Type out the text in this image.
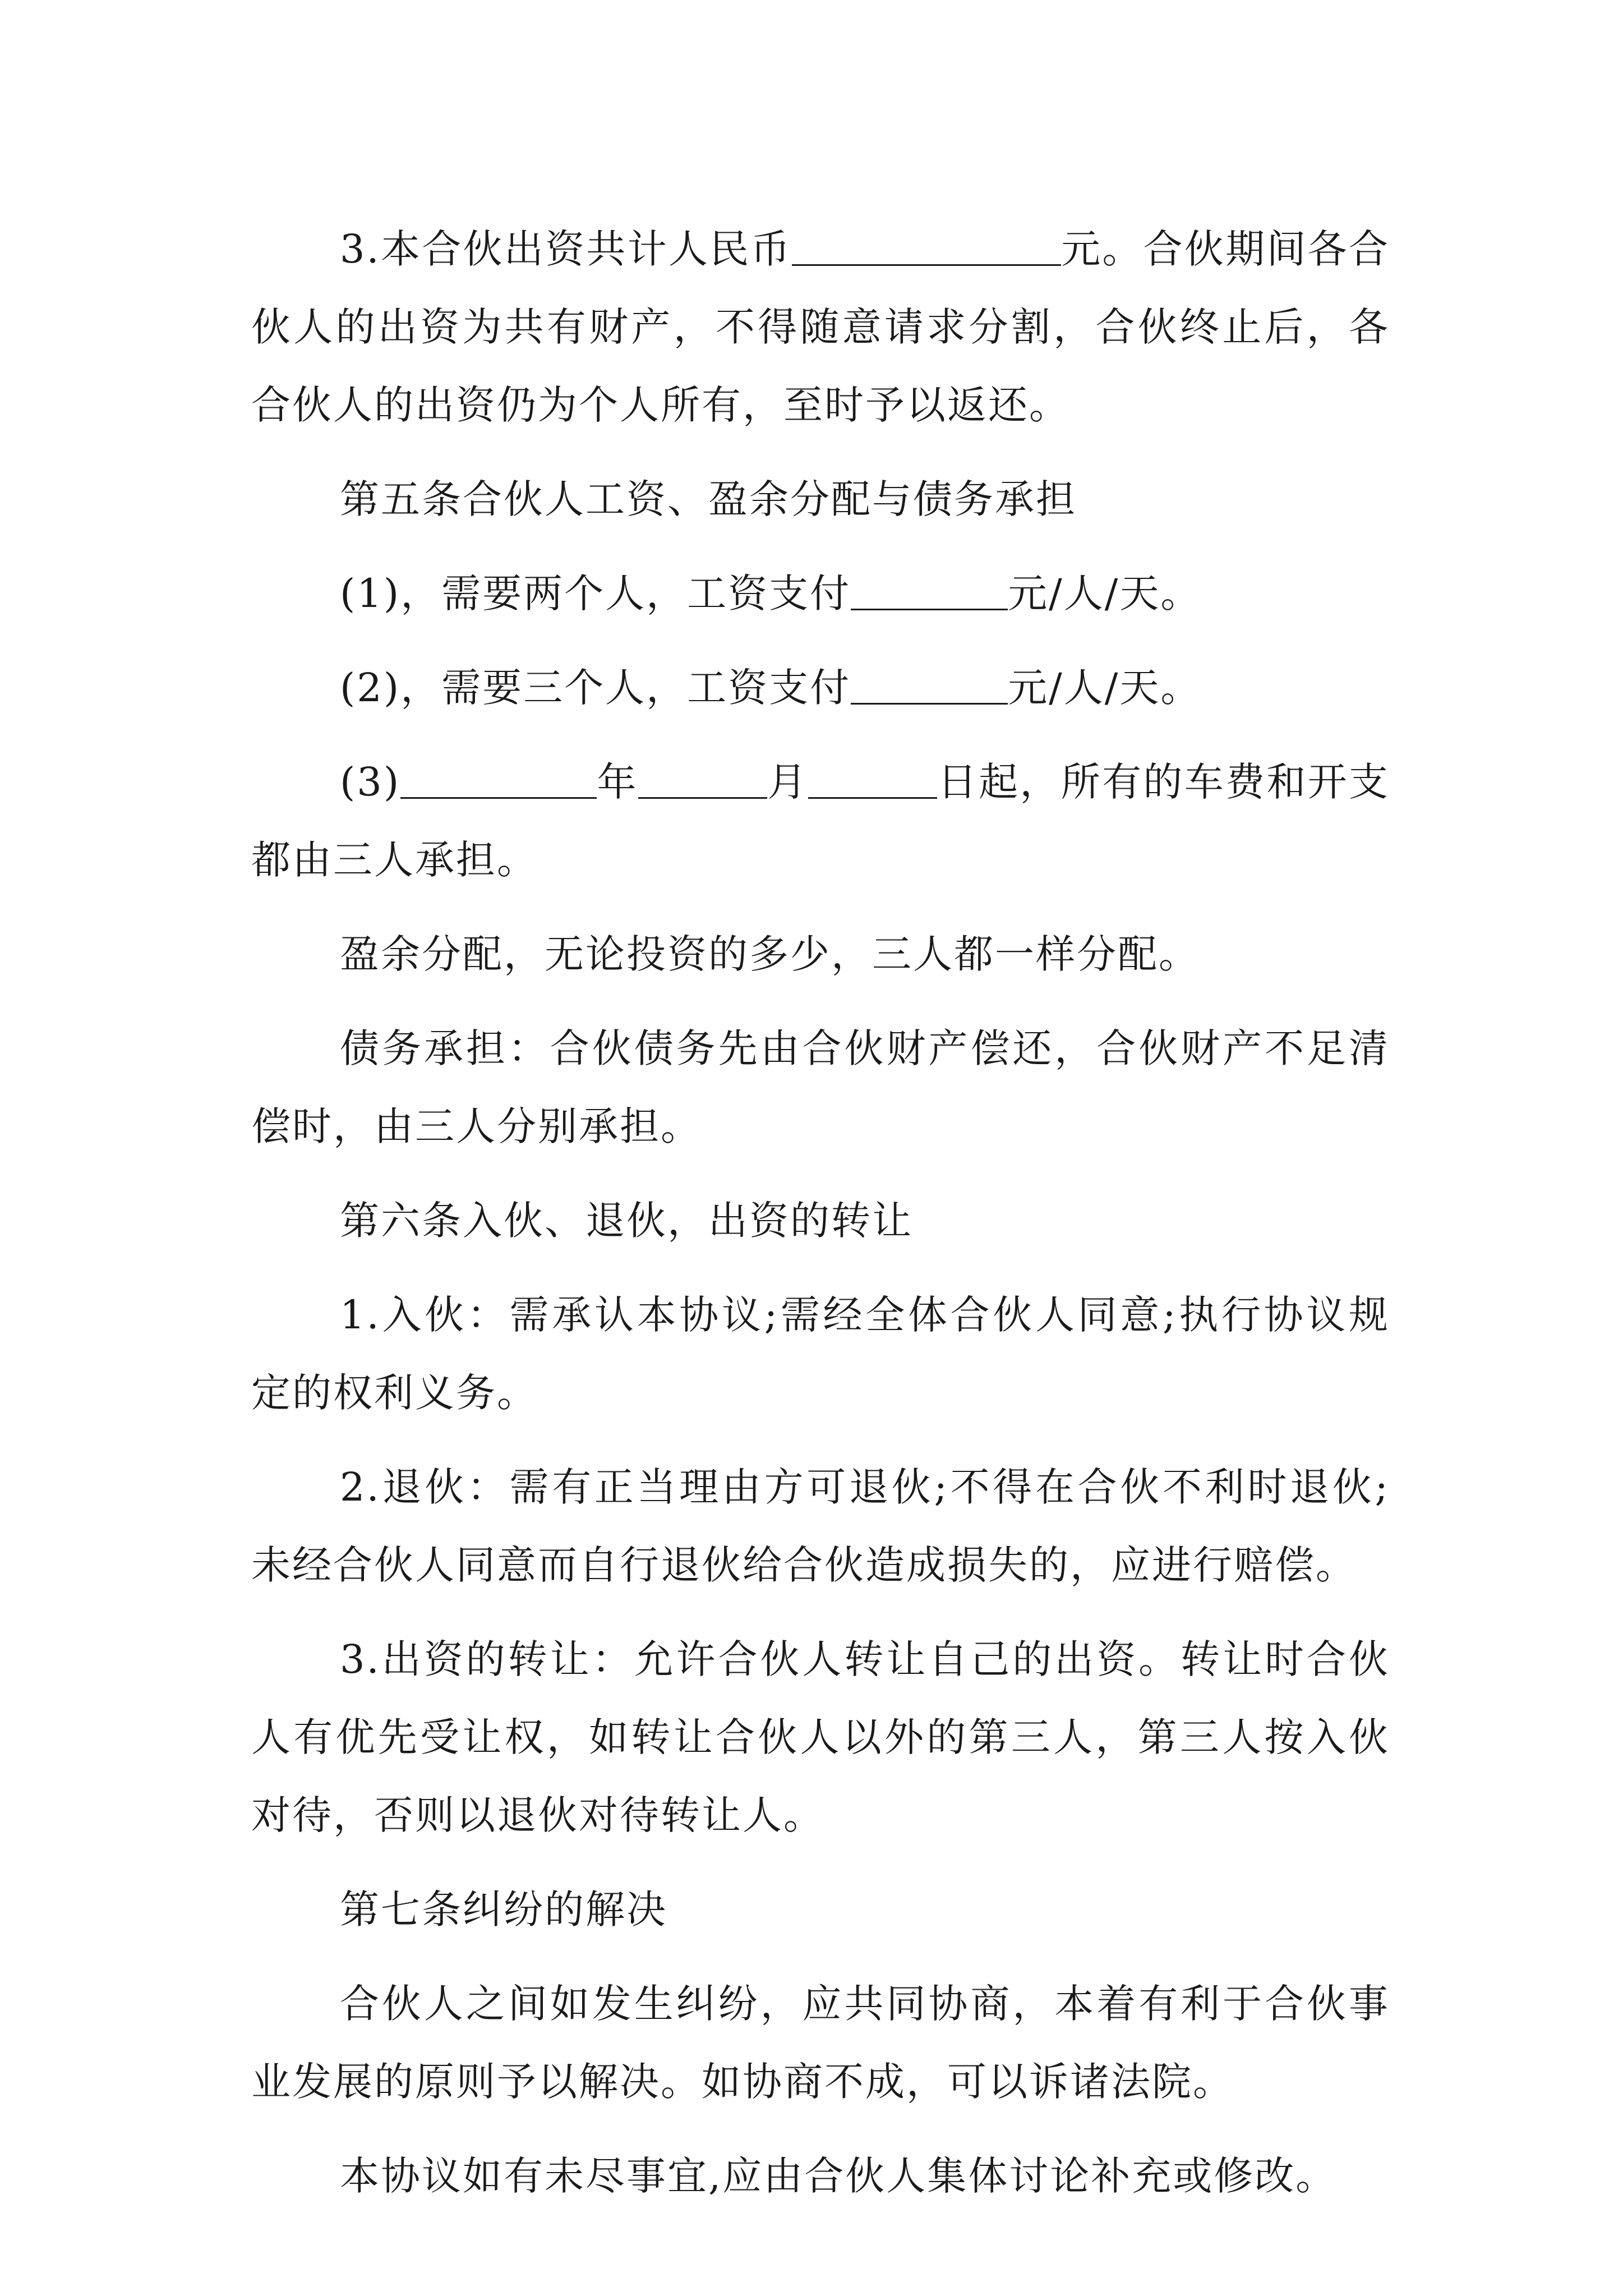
3.本合伙出资共计人民币	元。合伙期间各合伙人的出资为共有财产，不得随意请求分割，合伙终止后，各合伙人的出资仍为个人所有，至时予以返还。

第五条合伙人工资、盈余分配与债务承担

(1)，需要两个人，工资支付	元/人/天。

(2)，需要三个人，工资支付	元/人/天。

(3)	年	月	日起，所有的车费和开支都由三人承担。

盈余分配，无论投资的多少，三人都一样分配。

债务承担：合伙债务先由合伙财产偿还，合伙财产不足清偿时，由三人分别承担。

第六条入伙、退伙，出资的转让

1.入伙：需承认本协议;需经全体合伙人同意;执行协议规定的权利义务。

2.退伙：需有正当理由方可退伙;不得在合伙不利时退伙;未经合伙人同意而自行退伙给合伙造成损失的，应进行赔偿。

3.出资的转让：允许合伙人转让自己的出资。转让时合伙人有优先受让权，如转让合伙人以外的第三人，第三人按入伙对待，否则以退伙对待转让人。

第七条纠纷的解决

合伙人之间如发生纠纷，应共同协商，本着有利于合伙事业发展的原则予以解决。如协商不成，可以诉诸法院。

本协议如有未尽事宜,应由合伙人集体讨论补充或修改。
